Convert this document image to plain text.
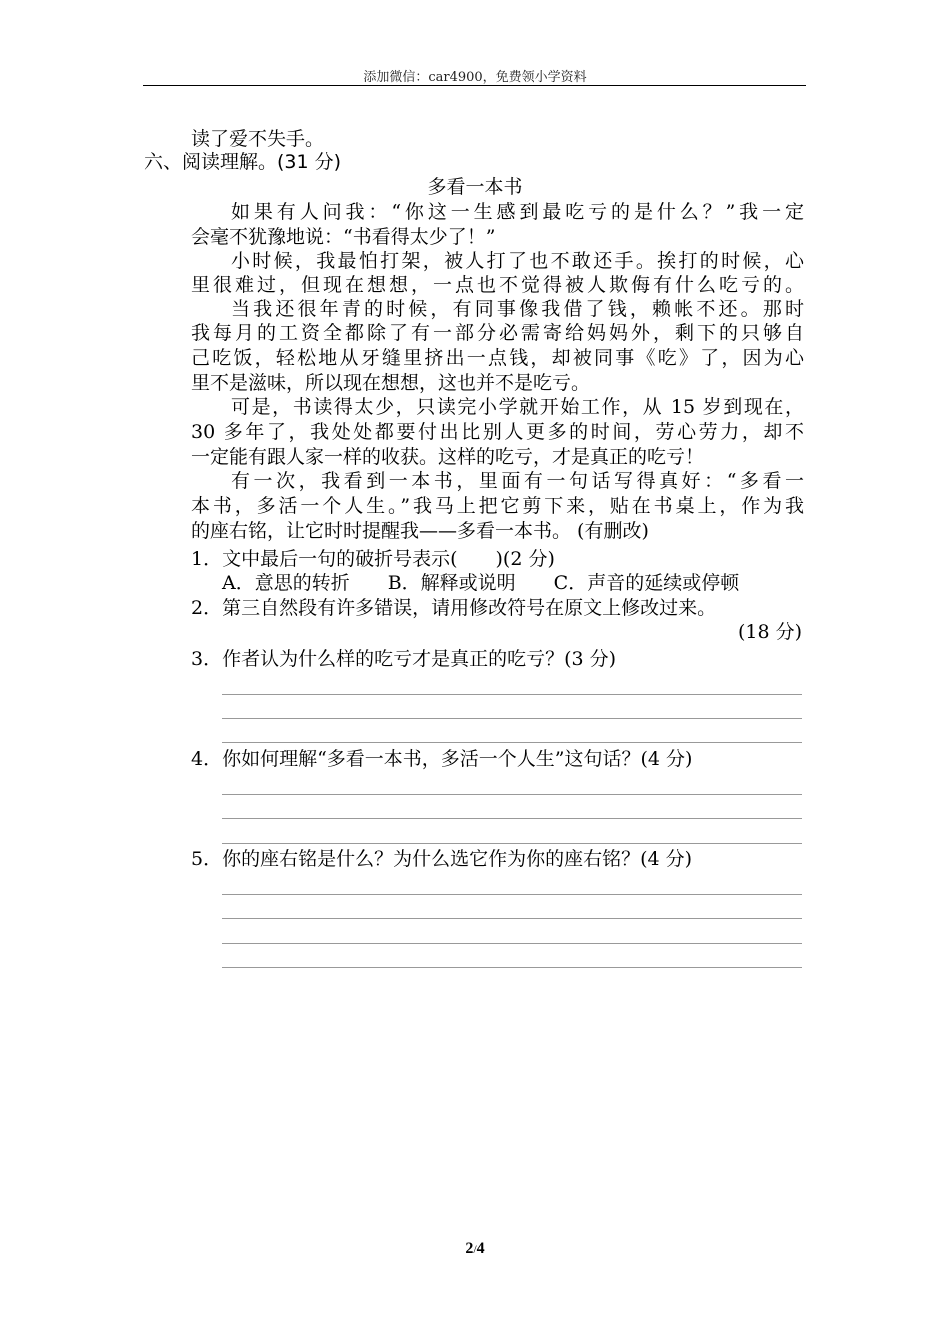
添加微信：car4900，免费领小学资料
读了爱不失手。
六、阅读理解。(31 分)
多看一本书
如果有人问我：“你这一生感到最吃亏的是什么？”我一定
会毫不犹豫地说：“书看得太少了！”
小时候，我最怕打架，被人打了也不敢还手。挨打的时候，心
里很难过，但现在想想，一点也不觉得被人欺侮有什么吃亏的。
当我还很年青的时候，有同事像我借了钱，赖帐不还。那时
我每月的工资全都除了有一部分必需寄给妈妈外，剩下的只够自
己吃饭，轻松地从牙缝里挤出一点钱，却被同事《吃》了，因为心
里不是滋味，所以现在想想，这也并不是吃亏。
可是，书读得太少，只读完小学就开始工作，从 15 岁到现在，
30 多年了，我处处都要付出比别人更多的时间，劳心劳力，却不
一定能有跟人家一样的收获。这样的吃亏，才是真正的吃亏！
有一次，我看到一本书，里面有一句话写得真好：“多看一
本书，多活一个人生。”我马上把它剪下来，贴在书桌上，作为我
的座右铭，让它时时提醒我——多看一本书。 (有删改)
1．文中最后一句的破折号表示(　　)(2 分)
A．意思的转折　　B．解释或说明　　C．声音的延续或停顿
2．第三自然段有许多错误，请用修改符号在原文上修改过来。
(18 分)
3．作者认为什么样的吃亏才是真正的吃亏？(3 分)
4．你如何理解“多看一本书，多活一个人生”这句话？(4 分)
5．你的座右铭是什么？为什么选它作为你的座右铭？(4 分)
2/4
